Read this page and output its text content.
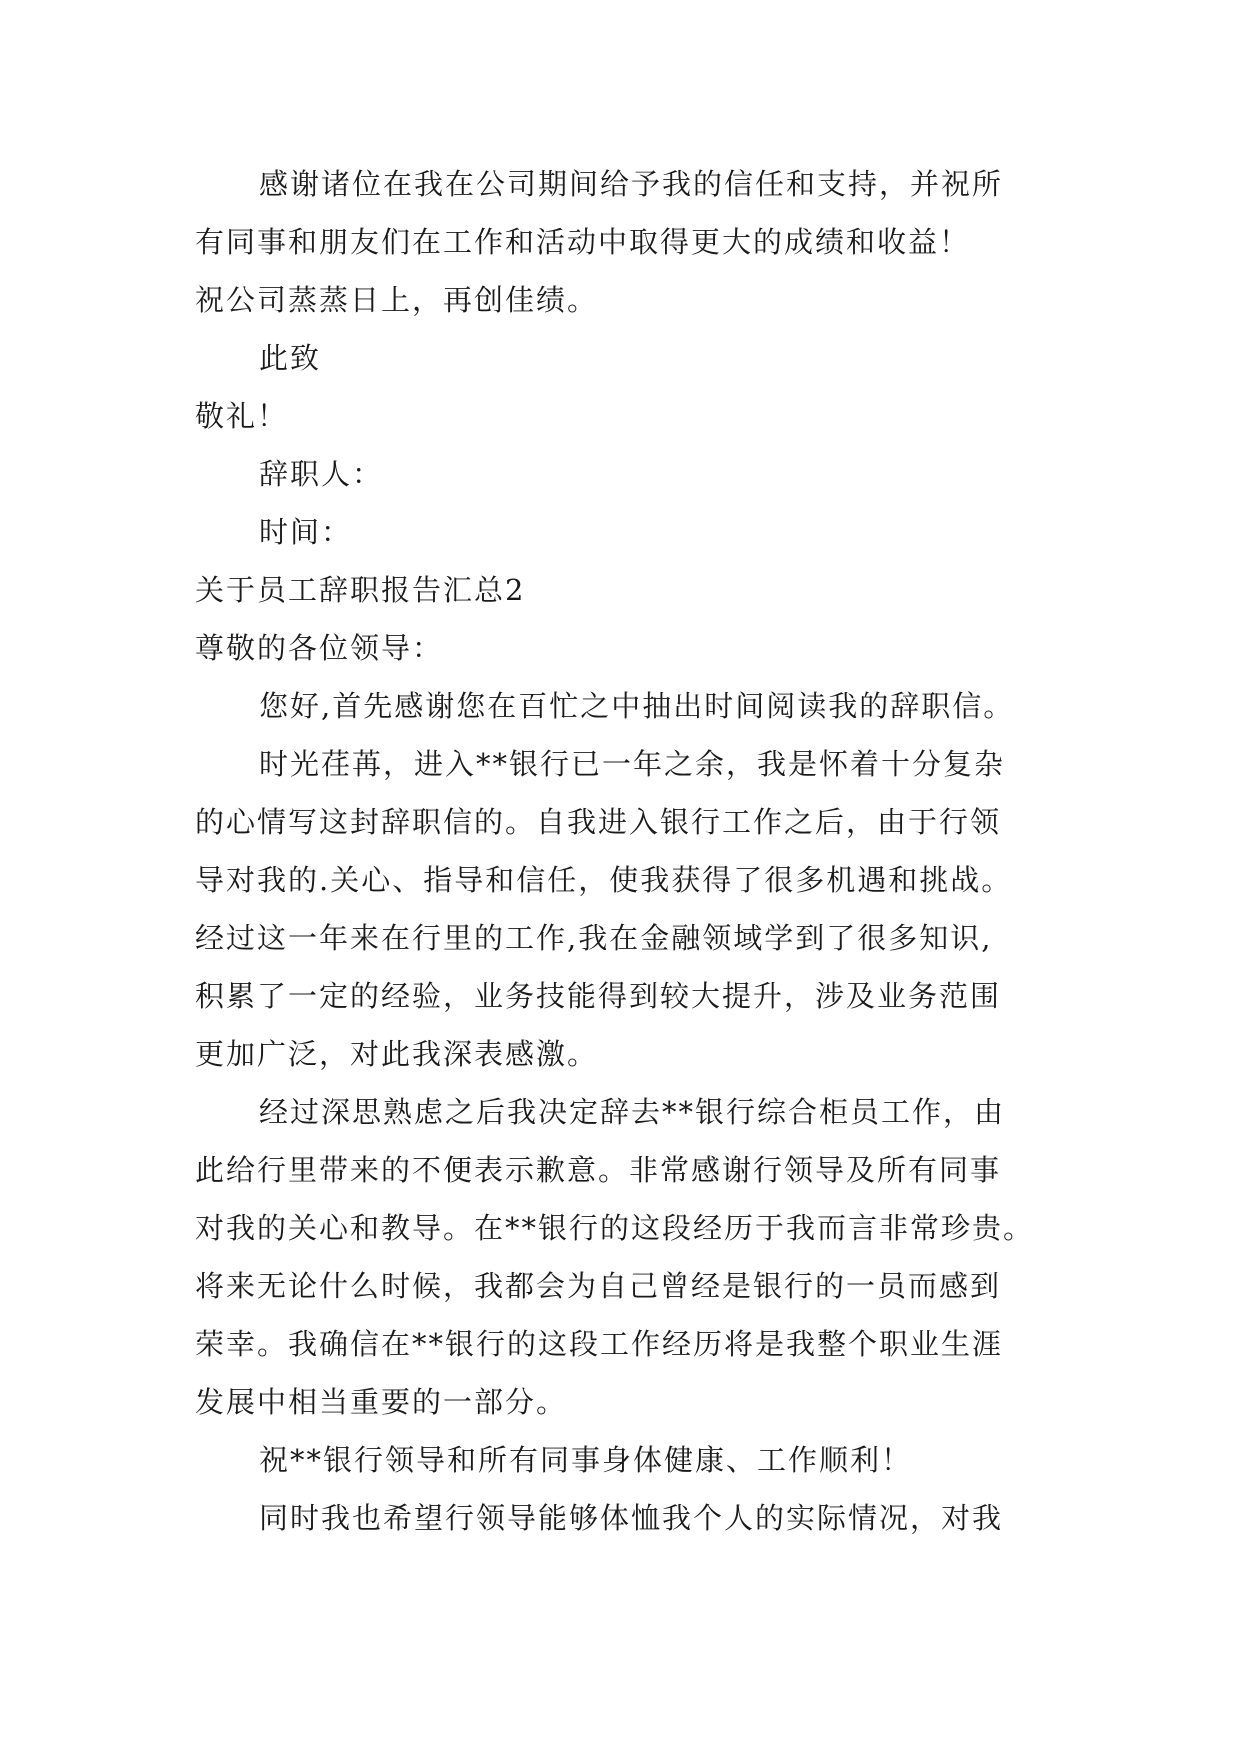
感谢诸位在我在公司期间给予我的信任和支持，并祝所
有同事和朋友们在工作和活动中取得更大的成绩和收益！
祝公司蒸蒸日上，再创佳绩。
此致
敬礼！
辞职人：
时间：
关于员工辞职报告汇总2
尊敬的各位领导：
您好,首先感谢您在百忙之中抽出时间阅读我的辞职信。
时光荏苒，进入**银行已一年之余，我是怀着十分复杂
的心情写这封辞职信的。自我进入银行工作之后，由于行领
导对我的.关心、指导和信任，使我获得了很多机遇和挑战。
经过这一年来在行里的工作,我在金融领域学到了很多知识,
积累了一定的经验，业务技能得到较大提升，涉及业务范围
更加广泛，对此我深表感激。
经过深思熟虑之后我决定辞去**银行综合柜员工作，由
此给行里带来的不便表示歉意。非常感谢行领导及所有同事
对我的关心和教导。在**银行的这段经历于我而言非常珍贵。
将来无论什么时候，我都会为自己曾经是银行的一员而感到
荣幸。我确信在**银行的这段工作经历将是我整个职业生涯
发展中相当重要的一部分。
祝**银行领导和所有同事身体健康、工作顺利！
同时我也希望行领导能够体恤我个人的实际情况，对我
